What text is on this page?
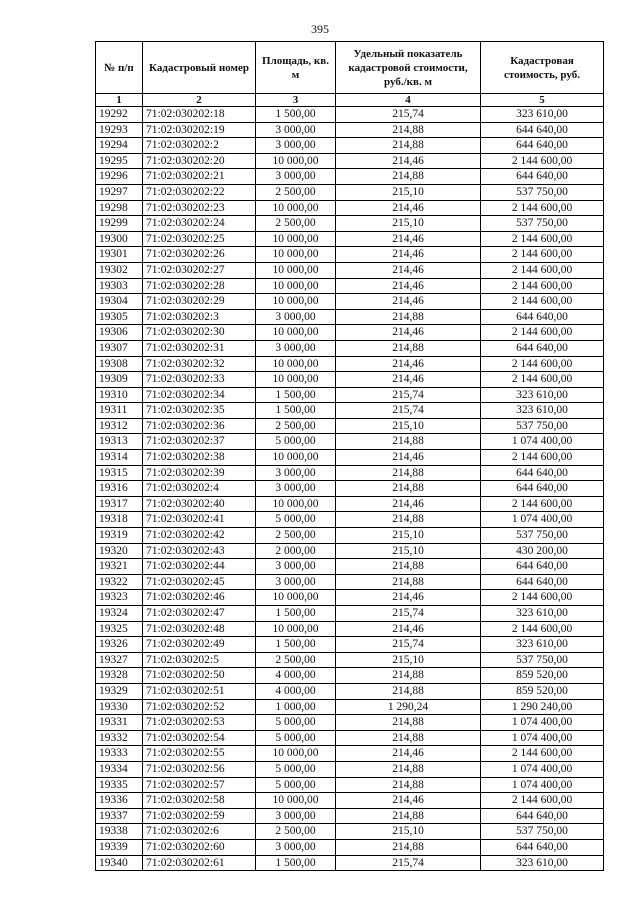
395
№ п/п	Кадастровый номер	Площадь, кв. м	Удельный показатель кадастровой стоимости, руб./кв. м	Кадастровая стоимость, руб.
1	2	3	4	5
19292	71:02:030202:18	1 500,00	215,74	323 610,00
19293	71:02:030202:19	3 000,00	214,88	644 640,00
19294	71:02:030202:2	3 000,00	214,88	644 640,00
19295	71:02:030202:20	10 000,00	214,46	2 144 600,00
19296	71:02:030202:21	3 000,00	214,88	644 640,00
19297	71:02:030202:22	2 500,00	215,10	537 750,00
19298	71:02:030202:23	10 000,00	214,46	2 144 600,00
19299	71:02:030202:24	2 500,00	215,10	537 750,00
19300	71:02:030202:25	10 000,00	214,46	2 144 600,00
19301	71:02:030202:26	10 000,00	214,46	2 144 600,00
19302	71:02:030202:27	10 000,00	214,46	2 144 600,00
19303	71:02:030202:28	10 000,00	214,46	2 144 600,00
19304	71:02:030202:29	10 000,00	214,46	2 144 600,00
19305	71:02:030202:3	3 000,00	214,88	644 640,00
19306	71:02:030202:30	10 000,00	214,46	2 144 600,00
19307	71:02:030202:31	3 000,00	214,88	644 640,00
19308	71:02:030202:32	10 000,00	214,46	2 144 600,00
19309	71:02:030202:33	10 000,00	214,46	2 144 600,00
19310	71:02:030202:34	1 500,00	215,74	323 610,00
19311	71:02:030202:35	1 500,00	215,74	323 610,00
19312	71:02:030202:36	2 500,00	215,10	537 750,00
19313	71:02:030202:37	5 000,00	214,88	1 074 400,00
19314	71:02:030202:38	10 000,00	214,46	2 144 600,00
19315	71:02:030202:39	3 000,00	214,88	644 640,00
19316	71:02:030202:4	3 000,00	214,88	644 640,00
19317	71:02:030202:40	10 000,00	214,46	2 144 600,00
19318	71:02:030202:41	5 000,00	214,88	1 074 400,00
19319	71:02:030202:42	2 500,00	215,10	537 750,00
19320	71:02:030202:43	2 000,00	215,10	430 200,00
19321	71:02:030202:44	3 000,00	214,88	644 640,00
19322	71:02:030202:45	3 000,00	214,88	644 640,00
19323	71:02:030202:46	10 000,00	214,46	2 144 600,00
19324	71:02:030202:47	1 500,00	215,74	323 610,00
19325	71:02:030202:48	10 000,00	214,46	2 144 600,00
19326	71:02:030202:49	1 500,00	215,74	323 610,00
19327	71:02:030202:5	2 500,00	215,10	537 750,00
19328	71:02:030202:50	4 000,00	214,88	859 520,00
19329	71:02:030202:51	4 000,00	214,88	859 520,00
19330	71:02:030202:52	1 000,00	1 290,24	1 290 240,00
19331	71:02:030202:53	5 000,00	214,88	1 074 400,00
19332	71:02:030202:54	5 000,00	214,88	1 074 400,00
19333	71:02:030202:55	10 000,00	214,46	2 144 600,00
19334	71:02:030202:56	5 000,00	214,88	1 074 400,00
19335	71:02:030202:57	5 000,00	214,88	1 074 400,00
19336	71:02:030202:58	10 000,00	214,46	2 144 600,00
19337	71:02:030202:59	3 000,00	214,88	644 640,00
19338	71:02:030202:6	2 500,00	215,10	537 750,00
19339	71:02:030202:60	3 000,00	214,88	644 640,00
19340	71:02:030202:61	1 500,00	215,74	323 610,00
